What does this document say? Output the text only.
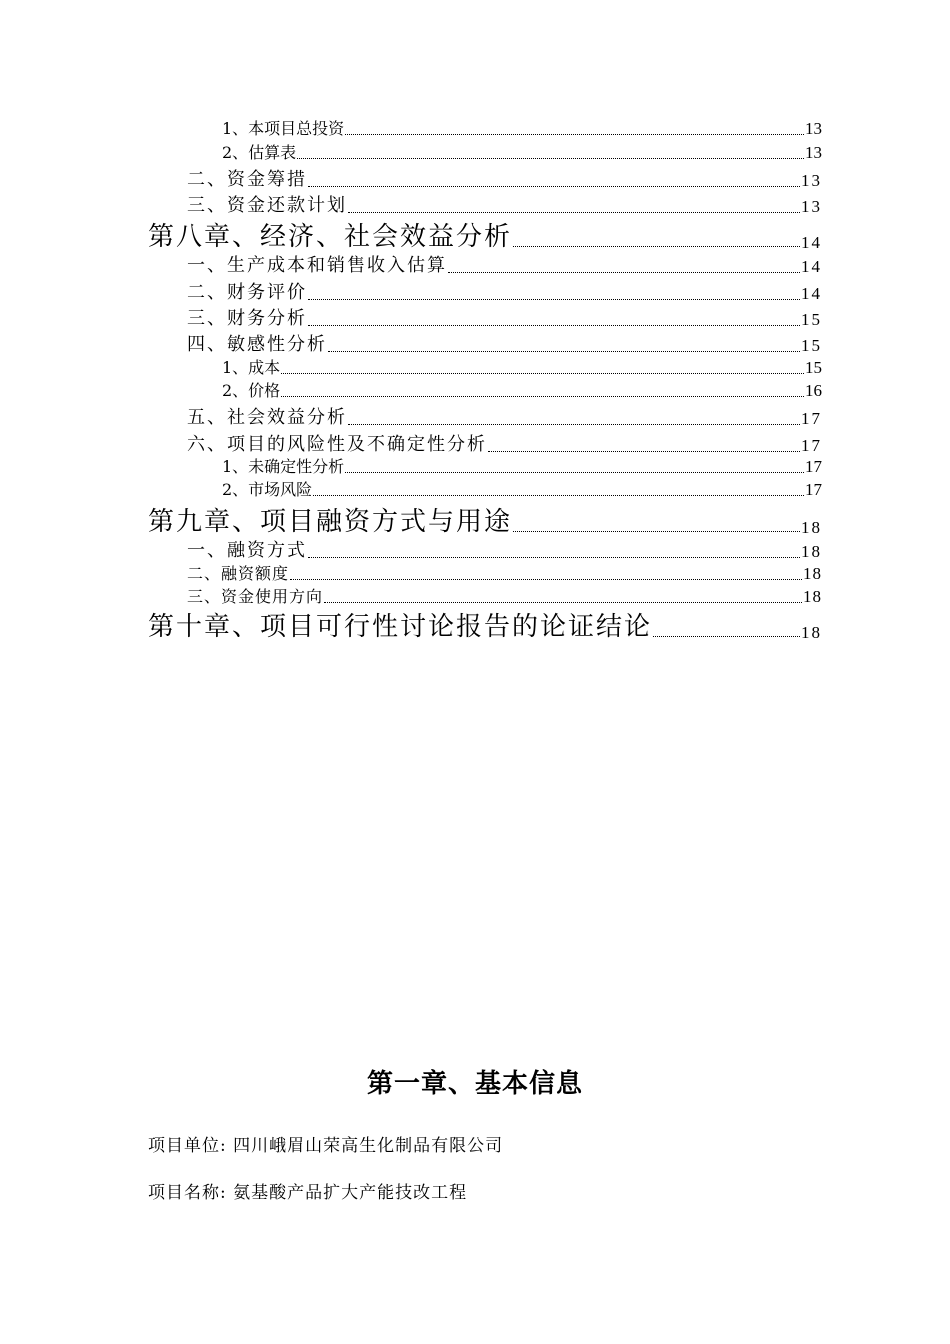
1、本项目总投资	13
2、估算表	13
二、资金筹措	13
三、资金还款计划	13
第八章、经济、社会效益分析	14
一、生产成本和销售收入估算	14
二、财务评价	14
三、财务分析	15
四、敏感性分析	15
1、成本	15
2、价格	16
五、社会效益分析	17
六、项目的风险性及不确定性分析	17
1、未确定性分析	17
2、市场风险	17
第九章、项目融资方式与用途	18
一、融资方式	18
二、融资额度	18
三、资金使用方向	18
第十章、项目可行性讨论报告的论证结论	18
第一章、基本信息
项目单位: 四川峨眉山荣高生化制品有限公司
项目名称: 氨基酸产品扩大产能技改工程
